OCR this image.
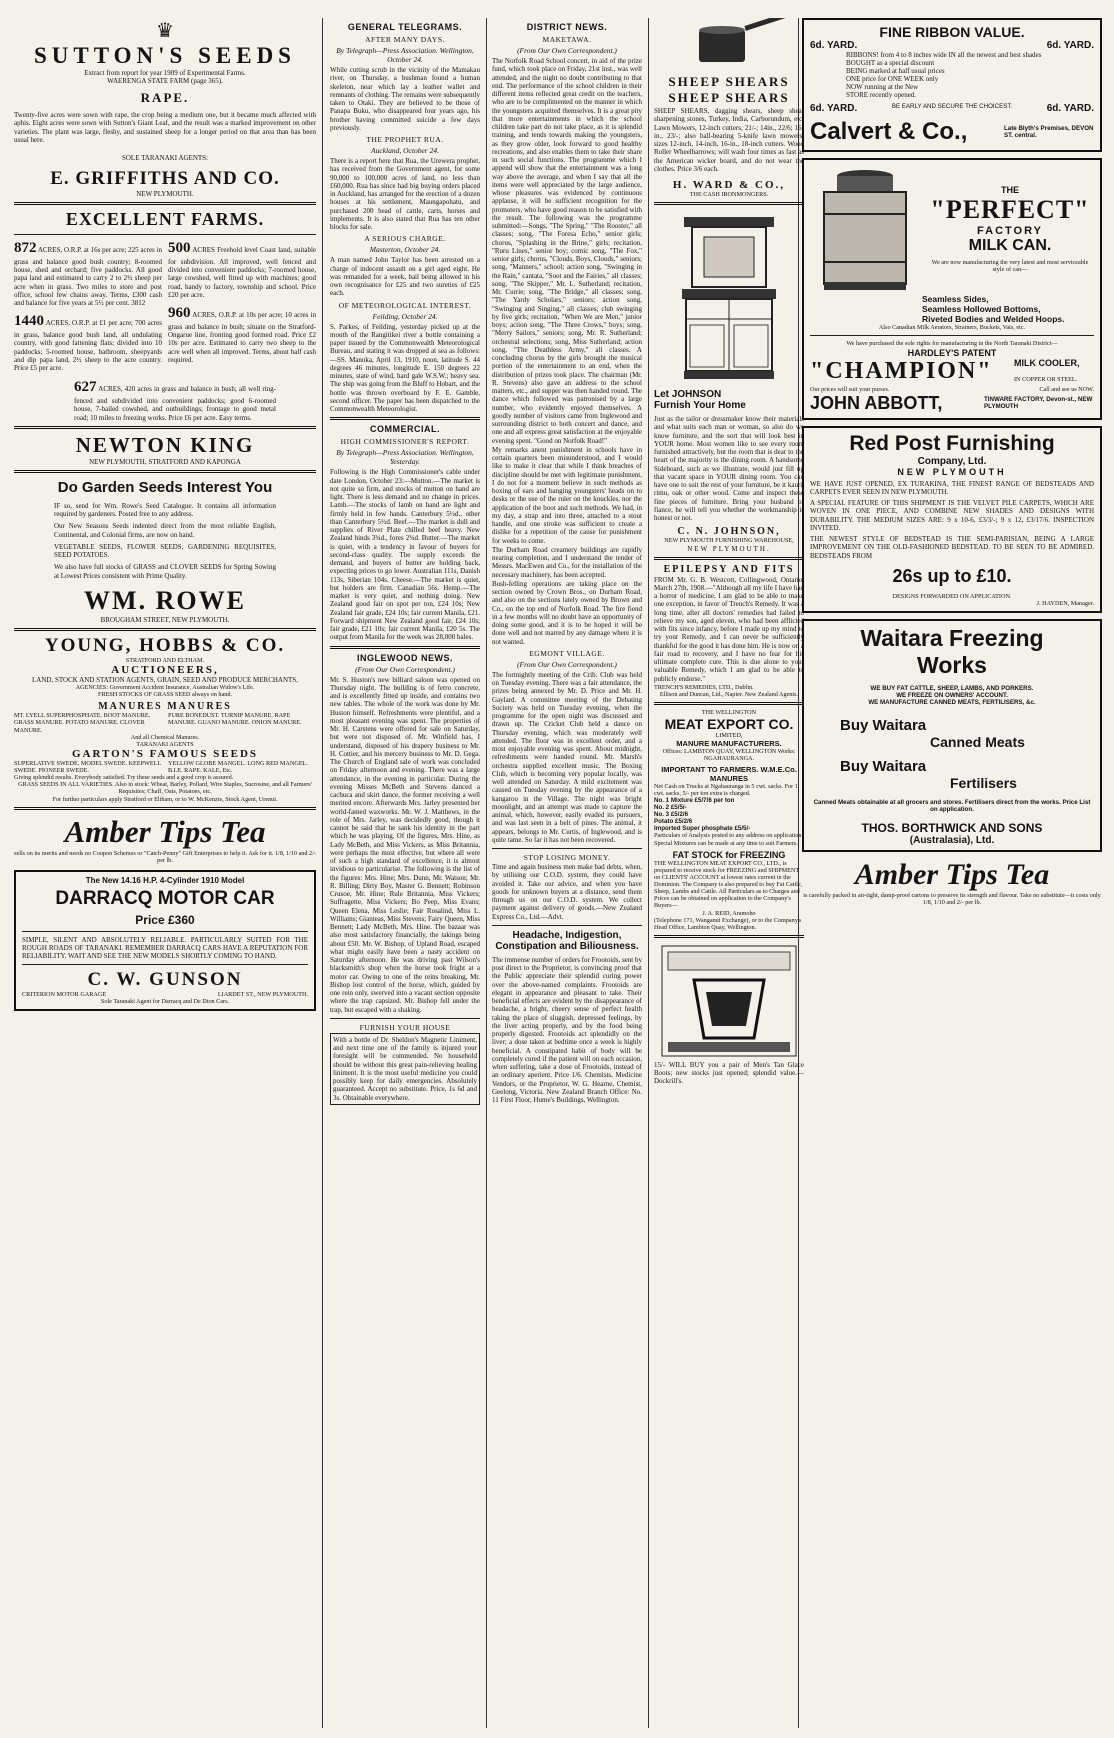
♛
SUTTON'S SEEDS
Extract from report for year 1909 of Experimental Farms.
WAERENGA STATE FARM (page 365).
RAPE.
Twenty-five acres were sown with rape, the crop being a medium one, but it became much affected with aphis. Eight acres were sown with Sutton's Giant Leaf, and the result was a marked improvement on other varieties. The plant was large, fleshy, and sustained sheep for a longer period on that area than has been usual here.
SOLE TARANAKI AGENTS:
E. GRIFFITHS AND CO.
NEW PLYMOUTH.
EXCELLENT FARMS.
872 ACRES, O.R.P. at 16s per acre; 225 acres in grass and balance good bush country; 8-roomed house, shed and orchard; five paddocks. All good papa land and estimated to carry 2 to 2½ sheep per acre when in grass. Two miles to store and post office, school few chains away. Terms, £300 cash and balance for five years at 5½ per cent. 3812
1440 ACRES, O.R.P. at £1 per acre; 700 acres in grass, balance good bush land, all undulating country, with good fattening flats; divided into 10 paddocks; 5-roomed house, bathroom, sheepyards and dip papa land, 2½ sheep to the acre country. Price £5 per acre.
500 ACRES Freehold level Coast land, suitable for subdivision. All improved, well fenced and divided into convenient paddocks; 7-roomed house, large cowshed, well fitted up with machines; good road, handy to factory, township and school. Price £20 per acre.
960 ACRES, O.R.P. at 10s per acre; 10 acres in grass and balance in bush; situate on the Stratford-Ongarue line, fronting good formed road. Price £2 10s per acre. Estimated to carry two sheep to the acre well when all improved. Terms, about half cash required.
627 ACRES, 420 acres in grass and balance in bush; all well ring-fenced and subdivided into convenient paddocks; good 6-roomed house, 7-bailed cowshed, and outbuildings; frontage to good metal road; 10 miles to freezing works. Price £6 per acre. Easy terms.
NEWTON KING
NEW PLYMOUTH, STRATFORD AND KAPONGA
Do Garden Seeds Interest You
IF so, send for Wm. Rowe's Seed Catalogue. It contains all information required by gardeners. Posted free to any address.
Our New Seasons Seeds indented direct from the most reliable English, Continental, and Colonial firms, are now on hand.
VEGETABLE SEEDS, FLOWER SEEDS, GARDENING REQUISITES, SEED POTATOES.
We also have full stocks of GRASS and CLOVER SEEDS for Spring Sowing at Lowest Prices consistent with Prime Quality.
WM. ROWE
BROUGHAM STREET, NEW PLYMOUTH.
YOUNG, HOBBS & CO.
STRATFORD AND ELTHAM.
AUCTIONEERS,
LAND, STOCK AND STATION AGENTS, GRAIN, SEED AND PRODUCE MERCHANTS,
AGENCIES: Government Accident Insurance, Australian Widow's Life.
FRESH STOCKS OF GRASS SEED always on hand.
MANURES MANURES
MT. LYELL SUPERPHOSPHATE. BOOT MANURE. GRASS MANURE. POTATO MANURE. CLOVER MANURE.
PURE BONEDUST. TURNIP MANURE. RAPE MANURE. GUANO MANURE. ONION MANURE.
And all Chemical Manures.
TARANAKI AGENTS
GARTON'S FAMOUS SEEDS
SUPERLATIVE SWEDE. MODEL SWEDE. KEEPWELL SWEDE. PIONEER SWEDE.
YELLOW GLOBE MANGEL. LONG RED MANGEL. B.I.E. RAPE. KALE, Etc.
Giving splendid results. Everybody satisfied. Try these seeds and a good crop is assured.
GRASS SEEDS IN ALL VARIETIES. Also in stock: Wheat, Barley, Pollard, Wire Staples, Sucrosine, and all Farmers' Requisites; Chaff, Oats, Potatoes, etc.
For further particulars apply Stratford or Eltham, or to W. McKenzie, Stock Agent, Urenui.
Amber Tips Tea
sells on its merits and needs no Coupon Schemes or "Catch-Penny" Gift Enterprises to help it. Ask for it. 1/8, 1/10 and 2/- per lb.
The New 14.16 H.P. 4-Cylinder 1910 Model
DARRACQ MOTOR CAR
Price £360
SIMPLE, SILENT AND ABSOLUTELY RELIABLE. PARTICULARLY SUITED FOR THE ROUGH ROADS OF TARANAKI. REMEMBER DARRACQ CARS HAVE A REPUTATION FOR RELIABILITY. WAIT AND SEE THE NEW MODELS SHORTLY COMING TO HAND.
C. W. GUNSON
CRITERION MOTOR GARAGE	LIARDET ST., NEW PLYMOUTH.
Sole Taranaki Agent for Darracq and De Dion Cars.
GENERAL TELEGRAMS.
AFTER MANY DAYS.
By Telegraph—Press Association. Wellington, October 24.
While cutting scrub in the vicinity of the Mamakau river, on Thursday, a bushman found a human skeleton, near which lay a leather wallet and remnants of clothing. The remains were subsequently taken to Otaki. They are believed to be those of Panapa Buku, who disappeared four years ago, his brother having committed suicide a few days previously.
THE PROPHET RUA.
Auckland, October 24.
There is a report here that Rua, the Urewera prophet, has received from the Government agent, for some 90,000 to 100,000 acres of land, no less than £60,000. Rua has since had big buying orders placed in Auckland, has arranged for the erection of a dozen houses at his settlement, Maungapohatu, and purchased 200 head of cattle, carts, horses and implements. It is also stated that Rua has ten other blocks for sale.
A SERIOUS CHARGE.
Masterton, October 24.
A man named John Taylor has been arrested on a charge of indecent assault on a girl aged eight. He was remanded for a week, bail being allowed in his own recognisance for £25 and two sureties of £25 each.
OF METEOROLOGICAL INTEREST.
Feilding, October 24.
S. Parkes, of Feilding, yesterday picked up at the mouth of the Rangitikei river a bottle containing a paper issued by the Commonwealth Meteorological Bureau, and stating it was dropped at sea as follows:—SS. Manuka, April 13, 1910, noon, latitude S. 44 degrees 46 minutes, longitude E. 150 degrees 22 minutes, state of wind, hard gale W.S.W.; heavy sea. The ship was going from the Bluff to Hobart, and the bottle was thrown overboard by F. E. Gamble, second officer. The paper has been dispatched to the Commonwealth Meteorologist.
COMMERCIAL.
HIGH COMMISSIONER'S REPORT.
By Telegraph—Press Association. Wellington, Yesterday.
Following is the High Commissioner's cable under date London, October 23:—Mutton.—The market is not quite so firm, and stocks of mutton on hand are light. There is less demand and no change in prices. Lamb.—The stocks of lamb on hand are light and firmly held in few hands. Canterbury 5½d., other than Canterbury 5½d. Beef.—The market is dull and supplies of River Plate chilled beef heavy. New Zealand hinds 3¾d., fores 2¾d. Butter.—The market is quiet, with a tendency in favour of buyers for second-class quality. The supply exceeds the demand, and buyers of butter are holding back, expecting prices to go lower. Australian 111s, Danish 113s, Siberian 104s. Cheese.—The market is quiet, but holders are firm. Canadian 56s. Hemp.—The market is very quiet, and nothing doing. New Zealand good fair on spot per ton, £24 10s; New Zealand fair grade, £24 10s; fair current Manila, £21. Forward shipment New Zealand good fair, £24 10s; fair grade, £21 10s; fair current Manila, £20 5s. The output from Manila for the week was 28,000 bales.
INGLEWOOD NEWS.
(From Our Own Correspondent.)
Mr. S. Huston's new billiard saloon was opened on Thursday night. The building is of ferro concrete, and is excellently fitted up inside, and contains two new tables. The whole of the work was done by Mr. Huston himself. Refreshments were plentiful, and a most pleasant evening was spent. The properties of Mr. H. Carstens were offered for sale on Saturday, but were not disposed of. Mr. Winfield has, I understand, disposed of his drapery business to Mr. H. Cottier, and his mercery business to Mr. D. Gega. The Church of England sale of work was concluded on Friday afternoon and evening. There was a large attendance, in the evening in particular. During the evening Misses McBeth and Stevens danced a cachuca and skirt dance, the former receiving a well merited encore. Afterwards Mrs. Jarley presented her world-famed waxworks. Mr. W. J. Matthews, in the role of Mrs. Jarley, was decidedly good, though it cannot be said that he sank his identity in the part which he was playing. Of the figures, Mrs. Hine, as Lady McBeth, and Miss Vickers, as Miss Britannia, were perhaps the most effective, but where all were of such a high standard of excellence, it is almost invidious to particularise. The following is the list of the figures: Mrs. Hine; Mrs. Dunn, Mr. Watson; Mr. R. Billing; Dirty Boy, Master G. Bennett; Robinson Crusoe, Mr. Hine; Rule Britannia, Miss Vickers; Suffragette, Miss Vickers; Bo Peep, Miss Evans; Queen Elena, Miss Leslie; Fair Rosalind, Miss L. Williams; Gianteas, Miss Stevens; Fairy Queen, Miss Bennett; Lady McBeth, Mrs. Hine. The bazaar was also most satisfactory financially, the takings being about £50. Mr. W. Bishop, of Upland Road, escaped what might easily have been a nasty accident on Saturday afternoon. He was driving past Wilson's blacksmith's shop when the horse took fright at a motor car. Owing to one of the reins breaking, Mr. Bishop lost control of the horse, which, guided by one rein only, swerved into a vacant section opposite where the trap capsized. Mr. Bishop fell under the trap, but escaped with a shaking.
FURNISH YOUR HOUSE
With a bottle of Dr. Sheldon's Magnetic Liniment, and next time one of the family is injured your foresight will be commended. No household should be without this great pain-relieving healing liniment. It is the most useful medicine you could possibly keep for daily emergencies. Absolutely guaranteed. Accept no substitute. Price, 1s 6d and 3s. Obtainable everywhere.
DISTRICT NEWS.
MAKETAWA.
(From Our Own Correspondent.)
The Norfolk Road School concert, in aid of the prize fund, which took place on Friday, 21st inst., was well attended, and the night no doubt contributing to that end. The performance of the school children in their different items reflected great credit on the teachers, who are to be complimented on the manner in which the youngsters acquitted themselves. It is a great pity that more entertainments in which the school children take part do not take place, as it is splendid training, and tends towards making the youngsters, as they grow older, look forward to good healthy recreations, and also enables them to take their share in such social functions. The programme which I append will show that the entertainment was a long way above the average, and when I say that all the items were well appreciated by the large audience, whose pleasures was evidenced by continuous applause, it will be sufficient recognition for the promoters, who have good reason to be satisfied with the result. The following was the programme submitted:—Songs, "The Spring," "The Rooster," all classes; song, "The Foresa Echo," senior girls; chorus, "Splashing in the Brine," girls; recitation, "Ruru Lines," senior boy; comic song, "The Fox," senior girls; chorus, "Clouds, Boys, Clouds," seniors; song, "Manners," school; action song, "Swinging in the Rain," cantata, "Soot and the Fairies," all classes; song, "The Skipper," Mr. L. Sutherland; recitation, Mr. Currie; song, "The Bridge," all classes; song, "The Yardy Scholars," seniors; action song, "Swinging and Singing," all classes; club swinging by five girls; recitation, "When We are Men," junior boys; action song, "The Three Crows," boys; song, "Merry Sailors," seniors; song, Mr. R. Sutherland; orchestral selections; song, Miss Sutherland; action song, "The Deathless Army," all classes. A concluding chorus by the girls brought the musical portion of the entertainment to an end, when the distribution of prizes took place. The chairman (Mr. R. Stevens) also gave an address to the school matters, etc., and supper was then handed round. The dance which followed was patronised by a large number, who evidently enjoyed themselves. A goodly number of visitors came from Inglewood and surrounding district to both concert and dance, and one and all express great satisfaction at the enjoyable evening spent. "Good on Norfolk Road!"
My remarks anent punishment in schools have in certain quarters been misunderstood, and I would like to make it clear that while I think breaches of discipline should be met with legitimate punishment, I do not for a moment believe in such methods as boxing of ears and banging youngsters' heads on to desks or the use of the ruler on the knuckles, nor the application of the boot and such methods. We had, in my day, a strap and into three, attached to a stout handle, and one stroke was sufficient to create a dislike for a repetition of the cause for punishment for weeks to come.
The Durham Road creamery buildings are rapidly nearing completion, and I understand the tender of Messrs. MacEwen and Co., for the installation of the necessary machinery, has been accepted.
Bush-felling operations are taking place on the section owned by Crown Bros., on Durham Road, and also on the sections lately owned by Brown and Co., on the top end of Norfolk Road. The fire fiend in a few months will no doubt have an opportunity of doing some good, and it is to be hoped it will be done well and not marred by any damage where it is not wanted.
EGMONT VILLAGE.
(From Our Own Correspondent.)
The fortnightly meeting of the Crib. Club was held on Tuesday evening. There was a fair attendance, the prizes being annexed by Mr. D. Price and Mr. H. Gaylard. A committee meeting of the Debating Society was held on Tuesday evening, when the programme for the open night was discussed and drawn up. The Cricket Club held a dance on Thursday evening, which was moderately well attended. The floor was in excellent order, and a most enjoyable evening was spent. About midnight, refreshments were handed round. Mr. Marsh's orchestra supplied excellent music. The Boxing Club, which is becoming very popular locally, was well attended on Saturday. A mild excitement was caused on Tuesday evening by the appearance of a kangaroo in the Village. The night was bright moonlight, and an attempt was made to capture the animal, which, however, easily evaded its pursuers, and was last seen in a belt of pines. The animal, it appears, belongs to Mr. Curtis, of Inglewood, and is quite tame. So far it has not been recovered.
STOP LOSING MONEY.
Time and again business men make bad debts, when, by utilising our C.O.D. system, they could have avoided it. Take our advice, and when you have goods for unknown buyers at a distance, send them through us on our C.O.D. system. We collect payment against delivery of goods.—New Zealand Express Co., Ltd.—Advt.
Headache, Indigestion, Constipation and Biliousness.
The immense number of orders for Frootoids, sent by post direct to the Proprietor, is convincing proof that the Public appreciate their splendid curing power over the above-named complaints. Frootoids are elegant in appearance and pleasant to take. Their beneficial effects are evident by the disappearance of headache, a bright, cheery sense of perfect health taking the place of sluggish, depressed feelings, by the liver acting properly, and by the food being properly digested. Frootoids act splendidly on the liver; a dose taken at bedtime once a week is highly beneficial. A constipated habit of body will be completely cured if the patient will on each occasion, when suffering, take a dose of Frootoids, instead of an ordinary aperient. Price 1/6. Chemists, Medicine Vendors, or the Proprietor, W. G. Hearne, Chemist, Geelong, Victoria. New Zealand Branch Office: No. 11 First Floor, Hume's Buildings, Wellington.
SHEEP SHEARS
SHEEP SHEARS
SHEEP SHEARS, dagging shears, sheep shear sharpening stones, Turkey, India, Carborundum, etc. Lawn Mowers, 12-inch cutters, 21/-; 14in., 22/6; 16-in., 23/-; also ball-bearing 5-knife lawn mowers, sizes 12-inch, 14-inch, 16-in., 18-inch cutters. Wood Roller Wheelbarrows; will wash four times as fast as the American wicker board, and do not wear the clothes. Price 3/6 each.
H. WARD & CO.,
THE CASH IRONMONGERS.
Let JOHNSON
Furnish Your Home
Just as the tailor or dressmaker know their materials and what suits each man or woman, so also do we know furniture, and the sort that will look best in YOUR home. Most women like to see every room furnished attractively, but the room that is dear to the heart of the majority is the dining room. A handsome Sideboard, such as we illustrate, would just fill up that vacant space in YOUR dining room. You can have one to suit the rest of your furniture, be it kauri, rimu, oak or other wood. Come and inspect these fine pieces of furniture. Bring your husband or fiance, he will tell you whether the workmanship is honest or not.
C. N. JOHNSON,
NEW PLYMOUTH FURNISHING WAREHOUSE,
NEW PLYMOUTH.
EPILEPSY AND FITS
FROM Mr. G. B. Westcott, Collingwood, Ontario, March 27th, 1908.—"Although all my life I have had a horror of medicine, I am glad to be able to make one exception, in favor of Trench's Remedy. It was a long time, after all doctors' remedies had failed to relieve my son, aged eleven, who had been afflicted with fits since infancy, before I made up my mind to try your Remedy, and I can never be sufficiently thankful for the good it has done him. He is now on a fair road to recovery, and I have no fear for his ultimate complete cure. This is due alone to your valuable Remedy, which I am glad to be able to publicly endorse."
TRENCH'S REMEDIES, LTD., Dublin.
Ellison and Duncan, Ltd., Napier. New Zealand Agents.
THE WELLINGTON
MEAT EXPORT CO.
LIMITED,
MANURE MANUFACTURERS.
Offices: LAMBTON QUAY, WELLINGTON Works: NGAHAURANGA.
IMPORTANT TO FARMERS. W.M.E.Co. MANURES
Net Cash on Trucks at Ngahauranga in 5 cwt. sacks. For 1 cwt. sacks, 5/- per ton extra is charged.
No. 1 Mixture £5/7/6 per ton
No. 2 £5/5/-
No. 3 £5/2/6
Potato £5/2/6
Imported Super phosphate £5/5/-
Particulars of Analysis posted to any address on application.
Special Mixtures can be made at any time to suit Farmers.
FAT STOCK for FREEZING
THE WELLINGTON MEAT EXPORT CO., LTD., is prepared to receive stock for FREEZING and SHIPMENT on CLIENTS' ACCOUNT at lowest rates current in the Dominion. The Company is also prepared to buy Fat Cattle, Sheep, Lambs and Cattle. All Particulars as to Charges and Prices can be obtained on application to the Company's Buyers—
J. A. REID, Aramoho
(Telephone 171, Wanganui Exchange), or to the Company's Head Office, Lambton Quay, Wellington.
15/- WILL BUY you a pair of Men's Tan Glace Boots; new stocks just opened; splendid value.—Dockrill's.
FINE RIBBON VALUE.
6d. YARD.	6d. YARD.
RIBBONS! from 4 to 8 inches wide IN all the newest and best shades
BOUGHT as a special discount
BEING marked at half usual prices
ONE price for ONE WEEK only
NOW running at the New
STORE recently opened.
6d. YARD.	BE EARLY AND SECURE THE CHOICEST.	6d. YARD.
Calvert & Co.,	Late Blyth's Premises, DEVON ST. central.
THE
"PERFECT"
FACTORY
MILK CAN.
We are now manufacturing the very latest and most serviceable style of can—
Seamless Sides,
Seamless Hollowed Bottoms,
Riveted Bodies and Welded Hoops.
Also Canadian Milk Aerators, Strainers, Buckets, Vats, etc.
We have purchased the sole rights for manufacturing in the North Taranaki District—
HARDLEY'S PATENT
"CHAMPION" MILK COOLER,
IN COPPER OR STEEL.
Our prices will suit your purses.	Call and see us NOW.
JOHN ABBOTT,	TINWARE FACTORY, Devon-st., NEW PLYMOUTH
Red Post Furnishing
Company, Ltd.
NEW PLYMOUTH
WE HAVE JUST OPENED, EX TURAKINA, THE FINEST RANGE OF BEDSTEADS AND CARPETS EVER SEEN IN NEW PLYMOUTH.
A SPECIAL FEATURE OF THIS SHIPMENT IS THE VELVET PILE CARPETS, WHICH ARE WOVEN IN ONE PIECE, AND COMBINE NEW SHADES AND DESIGNS WITH DURABILITY. THE MEDIUM SIZES ARE: 9 x 10-6, £3/3/-; 9 x 12, £3/17/6. INSPECTION INVITED.
THE NEWEST STYLE OF BEDSTEAD IS THE SEMI-PARISIAN, BEING A LARGE IMPROVEMENT ON THE OLD-FASHIONED BEDSTEAD. TO BE SEEN TO BE ADMIRED. BEDSTEADS FROM
26s up to £10.
DESIGNS FORWARDED ON APPLICATION.
J. HAYDEN, Manager.
Waitara Freezing
Works
WE BUY FAT CATTLE, SHEEP, LAMBS, AND PORKERS.
WE FREEZE ON OWNERS' ACCOUNT.
WE MANUFACTURE CANNED MEATS, FERTILISERS, &c.
Buy Waitara
Canned Meats
Buy Waitara
Fertilisers
Canned Meats obtainable at all grocers and stores. Fertilisers direct from the works. Price List on application.
THOS. BORTHWICK AND SONS
(Australasia), Ltd.
Amber Tips Tea
is carefully packed in air-tight, damp-proof cartons to preserve its strength and flavour. Take no substitute—it costs only 1/8, 1/10 and 2/- per lb.
